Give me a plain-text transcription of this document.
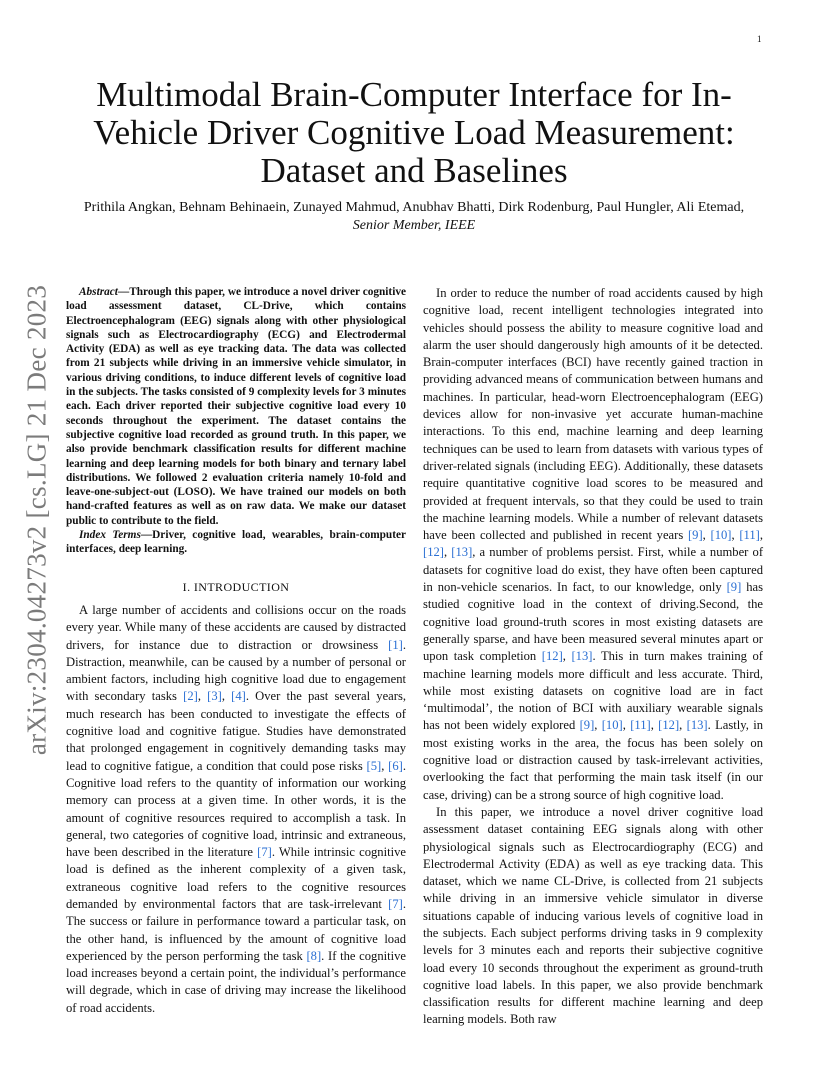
1
arXiv:2304.04273v2 [cs.LG] 21 Dec 2023
Multimodal Brain-Computer Interface for In-Vehicle Driver Cognitive Load Measurement: Dataset and Baselines
Prithila Angkan, Behnam Behinaein, Zunayed Mahmud, Anubhav Bhatti, Dirk Rodenburg, Paul Hungler, Ali Etemad, Senior Member, IEEE

Abstract—Through this paper, we introduce a novel driver cognitive load assessment dataset, CL-Drive, which contains Electroencephalogram (EEG) signals along with other physiological signals such as Electrocardiography (ECG) and Electrodermal Activity (EDA) as well as eye tracking data. The data was collected from 21 subjects while driving in an immersive vehicle simulator, in various driving conditions, to induce different levels of cognitive load in the subjects. The tasks consisted of 9 complexity levels for 3 minutes each. Each driver reported their subjective cognitive load every 10 seconds throughout the experiment. The dataset contains the subjective cognitive load recorded as ground truth. In this paper, we also provide benchmark classification results for different machine learning and deep learning models for both binary and ternary label distributions. We followed 2 evaluation criteria namely 10-fold and leave-one-subject-out (LOSO). We have trained our models on both hand-crafted features as well as on raw data. We make our dataset public to contribute to the field.

Index Terms—Driver, cognitive load, wearables, brain-computer interfaces, deep learning.

I. INTRODUCTION

A large number of accidents and collisions occur on the roads every year. While many of these accidents are caused by distracted drivers, for instance due to distraction or drowsiness [1]. Distraction, meanwhile, can be caused by a number of personal or ambient factors, including high cognitive load due to engagement with secondary tasks [2], [3], [4]. Over the past several years, much research has been conducted to investigate the effects of cognitive load and cognitive fatigue. Studies have demonstrated that prolonged engagement in cognitively demanding tasks may lead to cognitive fatigue, a condition that could pose risks [5], [6]. Cognitive load refers to the quantity of information our working memory can process at a given time. In other words, it is the amount of cognitive resources required to accomplish a task. In general, two categories of cognitive load, intrinsic and extraneous, have been described in the literature [7]. While intrinsic cognitive load is defined as the inherent complexity of a given task, extraneous cognitive load refers to the cognitive resources demanded by environmental factors that are task-irrelevant [7]. The success or failure in performance toward a particular task, on the other hand, is influenced by the amount of cognitive load experienced by the person performing the task [8]. If the cognitive load increases beyond a certain point, the individual’s performance will degrade, which in case of driving may increase the likelihood of road accidents.

In order to reduce the number of road accidents caused by high cognitive load, recent intelligent technologies integrated into vehicles should possess the ability to measure cognitive load and alarm the user should dangerously high amounts of it be detected. Brain-computer interfaces (BCI) have recently gained traction in providing advanced means of communication between humans and machines. In particular, head-worn Electroencephalogram (EEG) devices allow for non-invasive yet accurate human-machine interactions. To this end, machine learning and deep learning techniques can be used to learn from datasets with various types of driver-related signals (including EEG). Additionally, these datasets require quantitative cognitive load scores to be measured and provided at frequent intervals, so that they could be used to train the machine learning models. While a number of relevant datasets have been collected and published in recent years [9], [10], [11], [12], [13], a number of problems persist. First, while a number of datasets for cognitive load do exist, they have often been captured in non-vehicle scenarios. In fact, to our knowledge, only [9] has studied cognitive load in the context of driving.Second, the cognitive load ground-truth scores in most existing datasets are generally sparse, and have been measured several minutes apart or upon task completion [12], [13]. This in turn makes training of machine learning models more difficult and less accurate. Third, while most existing datasets on cognitive load are in fact ‘multimodal’, the notion of BCI with auxiliary wearable signals has not been widely explored [9], [10], [11], [12], [13]. Lastly, in most existing works in the area, the focus has been solely on cognitive load or distraction caused by task-irrelevant activities, overlooking the fact that performing the main task itself (in our case, driving) can be a strong source of high cognitive load.

In this paper, we introduce a novel driver cognitive load assessment dataset containing EEG signals along with other physiological signals such as Electrocardiography (ECG) and Electrodermal Activity (EDA) as well as eye tracking data. This dataset, which we name CL-Drive, is collected from 21 subjects while driving in an immersive vehicle simulator in diverse situations capable of inducing various levels of cognitive load in the subjects. Each subject performs driving tasks in 9 complexity levels for 3 minutes each and reports their subjective cognitive load every 10 seconds throughout the experiment as ground-truth cognitive load labels. In this paper, we also provide benchmark classification results for different machine learning and deep learning models. Both raw
